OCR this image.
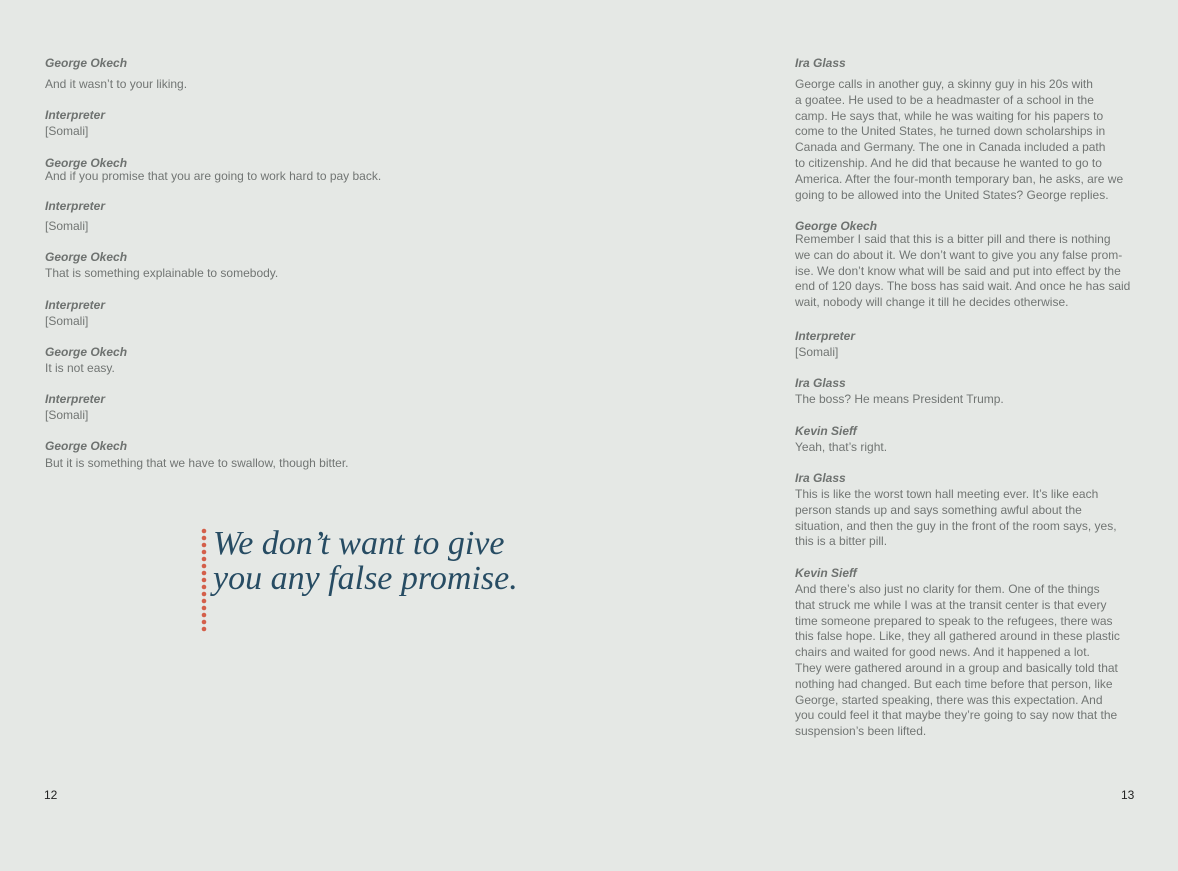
George Okech
And it wasn’t to your liking.
Interpreter
[Somali]
George Okech
And if you promise that you are going to work hard to pay back.
Interpreter
[Somali]
George Okech
That is something explainable to somebody.
Interpreter
[Somali]
George Okech
It is not easy.
Interpreter
[Somali]
George Okech
But it is something that we have to swallow, though bitter.
We don’t want to give
you any false promise.
12
Ira Glass
George calls in another guy, a skinny guy in his 20s with
a goatee. He used to be a headmaster of a school in the
camp. He says that, while he was waiting for his papers to
come to the United States, he turned down scholarships in
Canada and Germany. The one in Canada included a path
to citizenship. And he did that because he wanted to go to
America. After the four-month temporary ban, he asks, are we
going to be allowed into the United States? George replies.
George Okech
Remember I said that this is a bitter pill and there is nothing
we can do about it. We don’t want to give you any false prom-
ise. We don’t know what will be said and put into effect by the
end of 120 days. The boss has said wait. And once he has said
wait, nobody will change it till he decides otherwise.
Interpreter
[Somali]
Ira Glass
The boss? He means President Trump.
Kevin Sieff
Yeah, that’s right.
Ira Glass
This is like the worst town hall meeting ever. It’s like each
person stands up and says something awful about the
situation, and then the guy in the front of the room says, yes,
this is a bitter pill.
Kevin Sieff
And there’s also just no clarity for them. One of the things
that struck me while I was at the transit center is that every
time someone prepared to speak to the refugees, there was
this false hope. Like, they all gathered around in these plastic
chairs and waited for good news. And it happened a lot.
They were gathered around in a group and basically told that
nothing had changed. But each time before that person, like
George, started speaking, there was this expectation. And
you could feel it that maybe they’re going to say now that the
suspension’s been lifted.
13
